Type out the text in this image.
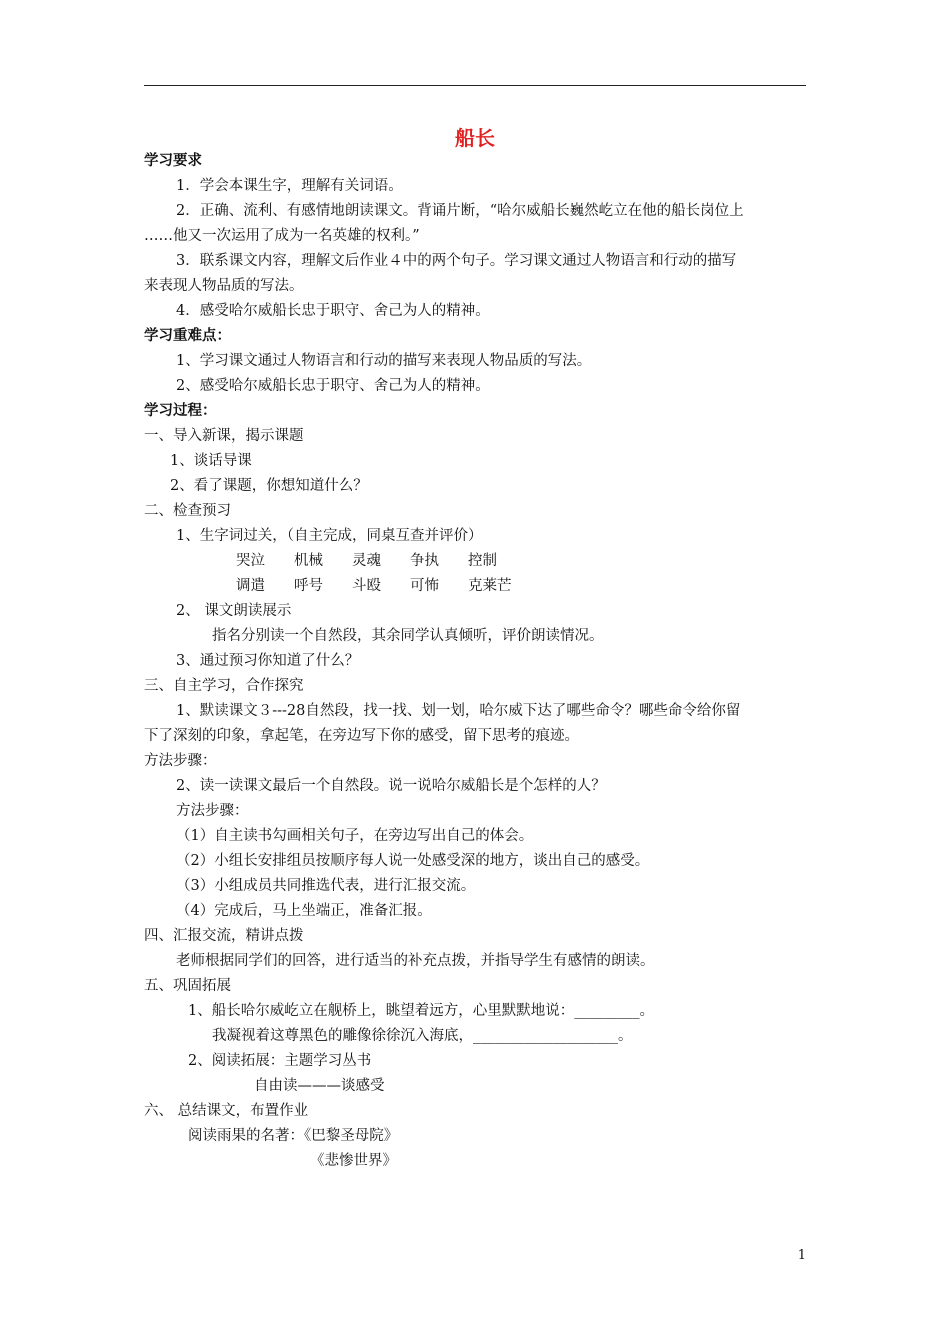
船长
学习要求
1．学会本课生字，理解有关词语。
2．正确、流利、有感情地朗读课文。背诵片断，“哈尔威船长巍然屹立在他的船长岗位上
……他又一次运用了成为一名英雄的权利。”
3．联系课文内容，理解文后作业４中的两个句子。学习课文通过人物语言和行动的描写
来表现人物品质的写法。
4．感受哈尔威船长忠于职守、舍己为人的精神。
学习重难点：
1、学习课文通过人物语言和行动的描写来表现人物品质的写法。
2、感受哈尔威船长忠于职守、舍己为人的精神。
学习过程：
一、导入新课，揭示课题
1、谈话导课
2、看了课题，你想知道什么？
二、检查预习
1、生字词过关，（自主完成，同桌互查并评价）
哭泣 机械 灵魂 争执 控制
调遣 呼号 斗殴 可怖 克莱芒
2、 课文朗读展示
指名分别读一个自然段，其余同学认真倾听，评价朗读情况。
3、通过预习你知道了什么？
三、自主学习，合作探究
1、默读课文３---28自然段，找一找、划一划，哈尔威下达了哪些命令？哪些命令给你留
下了深刻的印象，拿起笔，在旁边写下你的感受，留下思考的痕迹。
方法步骤：
2、读一读课文最后一个自然段。说一说哈尔威船长是个怎样的人？
方法步骤：
（1）自主读书勾画相关句子，在旁边写出自己的体会。
（2）小组长安排组员按顺序每人说一处感受深的地方，谈出自己的感受。
（3）小组成员共同推选代表，进行汇报交流。
（4）完成后，马上坐端正，准备汇报。
四、汇报交流，精讲点拨
老师根据同学们的回答，进行适当的补充点拨，并指导学生有感情的朗读。
五、巩固拓展
1、船长哈尔威屹立在舰桥上，眺望着远方，心里默默地说：_________。
我凝视着这尊黑色的雕像徐徐沉入海底，____________________。
2、阅读拓展：主题学习丛书
自由读———谈感受
六、 总结课文，布置作业
阅读雨果的名著：《巴黎圣母院》
《悲惨世界》
1
